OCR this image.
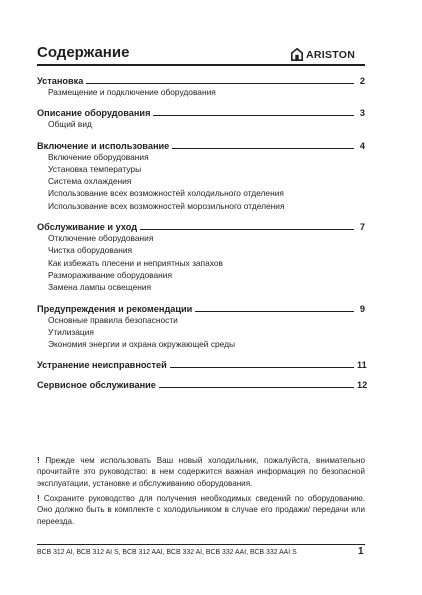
Содержание	ARISTON
Установка	2
Размещение и подключение оборудования
Описание оборудования	3
Общий вид
Включение и использование	4
Включение оборудования
Установка температуры
Система охлаждения
Использование всех возможностей холодильного отделения
Использование всех возможностей морозильного отделения
Обслуживание и уход	7
Отключение оборудования
Чистка оборудования
Как избежать плесени и неприятных запахов
Размораживание оборудования
Замена лампы освещения
Предупреждения и рекомендации	9
Основные правила безопасности
Утилизация
Экономия энергии и охрана окружающей среды
Устранение неисправностей	11
Сервисное обслуживание	12
! Прежде чем использовать Ваш новый холодильник, пожалуйста, внимательно прочитайте это руководство: в нем содержится важная информация по безопасной эксплуатации, установке и обслуживанию оборудования.
! Сохраните руководство для получения необходимых сведений по оборудованию. Оно должно быть в комплекте с холодильником в случае его продажи/ передачи или переезда.
BCB 312 AI, BCB 312 AI S, BCB 312 AAI, BCB 332 AI, BCB 332 AAI, BCB 332 AAI S	1
